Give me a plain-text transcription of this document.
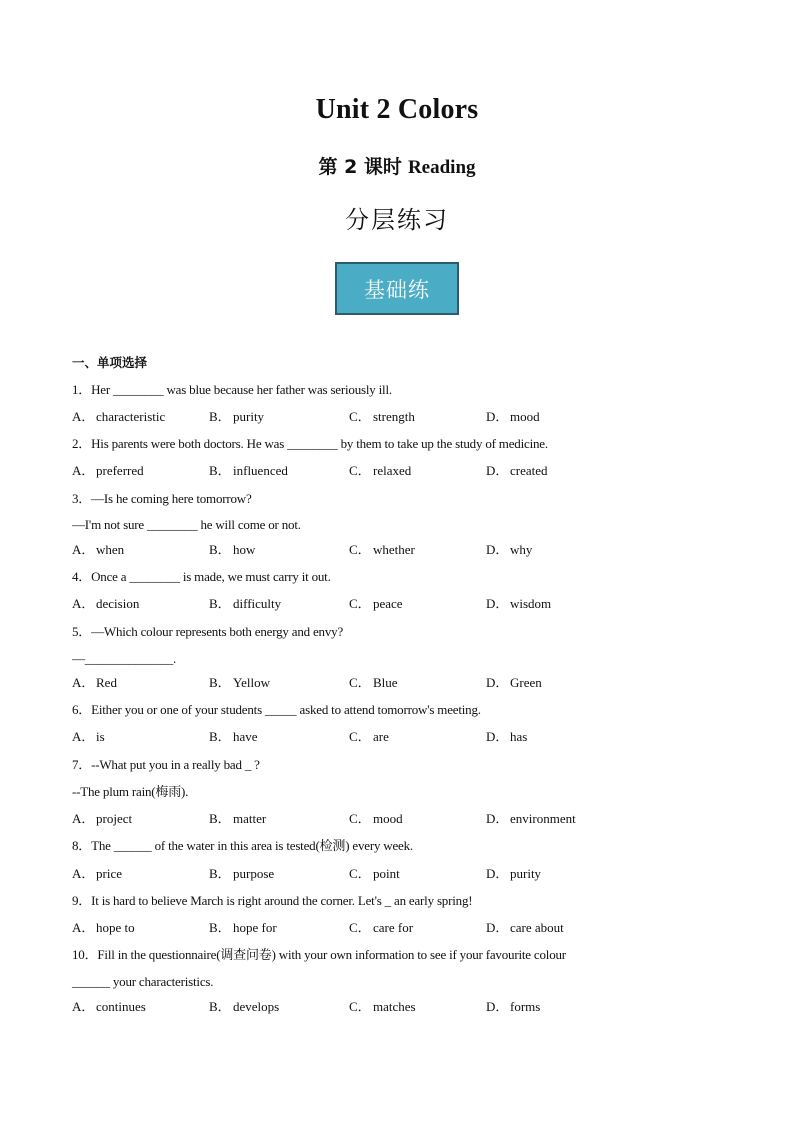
Unit 2 Colors
第 2 课时 Reading
分层练习
基础练
一、单项选择
1．Her ________ was blue because her father was seriously ill.
A． characteristic	B． purity	C． strength	D． mood
2．His parents were both doctors. He was ________ by them to take up the study of medicine.
A． preferred	B． influenced	C． relaxed	D． created
3．—Is he coming here tomorrow?
—I'm not sure ________ he will come or not.
A． when	B． how	C． whether	D． why
4．Once a ________ is made, we must carry it out.
A． decision	B． difficulty	C． peace	D． wisdom
5．—Which colour represents both energy and envy?
—______________.
A． Red	B． Yellow	C． Blue	D． Green
6．Either you or one of your students _____ asked to attend tomorrow's meeting.
A． is	B． have	C． are	D． has
7．--What put you in a really bad _ ?
--The plum rain(梅雨).
A． project	B． matter	C． mood	D． environment
8．The ______ of the water in this area is tested(检测) every week.
A． price	B． purpose	C． point	D． purity
9．It is hard to believe March is right around the corner. Let's _ an early spring!
A． hope to	B． hope for	C． care for	D． care about
10．Fill in the questionnaire(调查问卷) with your own information to see if your favourite colour
______ your characteristics.
A． continues	B． develops	C． matches	D． forms
